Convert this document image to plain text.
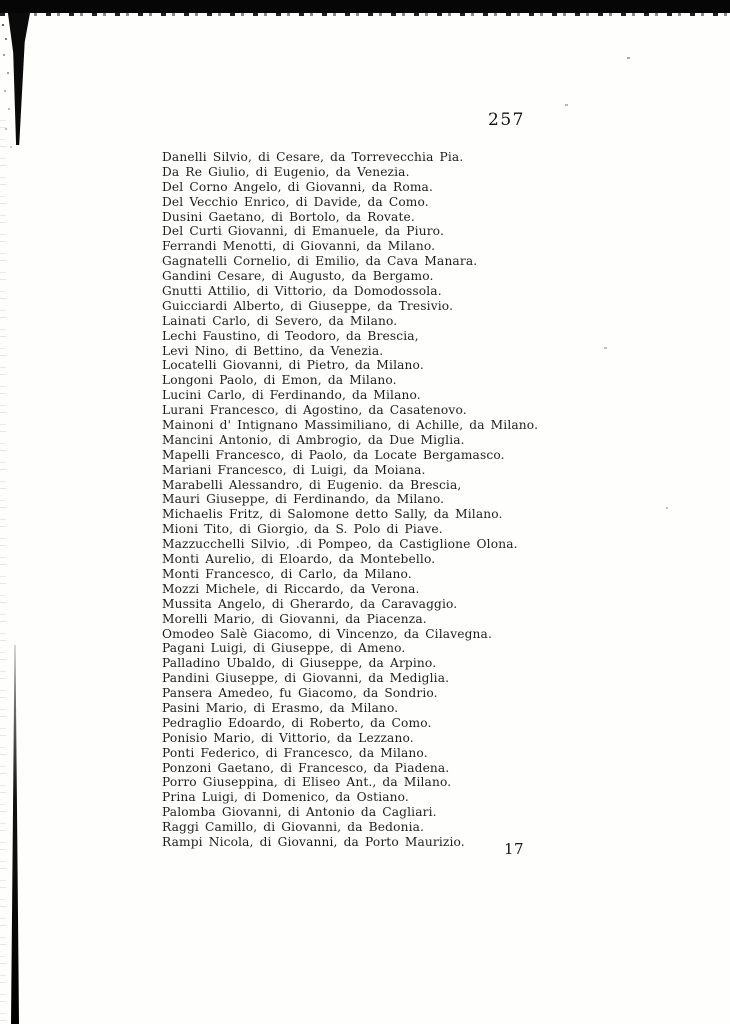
257
Danelli Silvio, di Cesare, da Torrevecchia Pia.
Da Re Giulio, di Eugenio, da Venezia.
Del Corno Angelo, di Giovanni, da Roma.
Del Vecchio Enrico, di Davide, da Como.
Dusini Gaetano, di Bortolo, da Rovate.
Del Curti Giovanni, di Emanuele, da Piuro.
Ferrandi Menotti, di Giovanni, da Milano.
Gagnatelli Cornelio, di Emilio, da Cava Manara.
Gandini Cesare, di Augusto, da Bergamo.
Gnutti Attilio, di Vittorio, da Domodossola.
Guicciardi Alberto, di Giuseppe, da Tresivio.
Lainati Carlo, di Severo, da Milano.
Lechi Faustino, di Teodoro, da Brescia,
Levi Nino, di Bettino, da Venezia.
Locatelli Giovanni, di Pietro, da Milano.
Longoni Paolo, di Emon, da Milano.
Lucini Carlo, di Ferdinando, da Milano.
Lurani Francesco, di Agostino, da Casatenovo.
Mainoni d' Intignano Massimiliano, di Achille, da Milano.
Mancini Antonio, di Ambrogio, da Due Miglia.
Mapelli Francesco, di Paolo, da Locate Bergamasco.
Mariani Francesco, di Luigi, da Moiana.
Marabelli Alessandro, di Eugenio. da Brescia,
Mauri Giuseppe, di Ferdinando, da Milano.
Michaelis Fritz, di Salomone detto Sally, da Milano.
Mioni Tito, di Giorgio, da S. Polo di Piave.
Mazzucchelli Silvio, .di Pompeo, da Castiglione Olona.
Monti Aurelio, di Eloardo, da Montebello.
Monti Francesco, di Carlo, da Milano.
Mozzi Michele, di Riccardo, da Verona.
Mussita Angelo, di Gherardo, da Caravaggio.
Morelli Mario, di Giovanni, da Piacenza.
Omodeo Salè Giacomo, di Vincenzo, da Cilavegna.
Pagani Luigi, di Giuseppe, di Ameno.
Palladino Ubaldo, di Giuseppe, da Arpino.
Pandini Giuseppe, di Giovanni, da Mediglia.
Pansera Amedeo, fu Giacomo, da Sondrio.
Pasini Mario, di Erasmo, da Milano.
Pedraglio Edoardo, di Roberto, da Como.
Ponisio Mario, di Vittorio, da Lezzano.
Ponti Federico, di Francesco, da Milano.
Ponzoni Gaetano, di Francesco, da Piadena.
Porro Giuseppina, di Eliseo Ant., da Milano.
Prina Luigi, di Domenico, da Ostiano.
Palomba Giovanni, di Antonio da Cagliari.
Raggi Camillo, di Giovanni, da Bedonia.
Rampi Nicola, di Giovanni, da Porto Maurizio.	17
